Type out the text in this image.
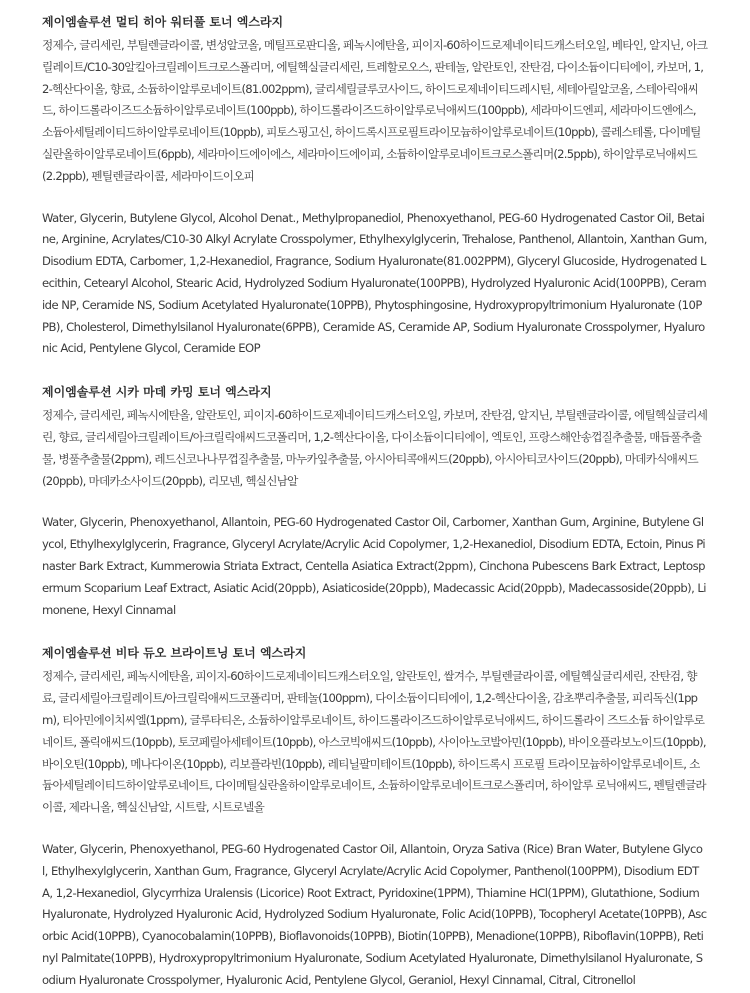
제이엠솔루션 멀티 히아 워터풀 토너 엑스라지

정제수, 글리세린, 부틸렌글라이콜, 변성알코올, 메틸프로판디올, 페녹시에탄올, 피이지-60하이드로제네이티드캐스터오일, 베타인, 알지닌, 아크릴레이트/C10-30알킬아크릴레이트크로스폴리머, 에틸헥실글리세린, 트레할로오스, 판테놀, 알란토인, 잔탄검, 다이소듐이디티에이, 카보머, 1,2-헥산다이올, 향료, 소듐하이알루로네이트(81.002ppm), 글리세릴글루코사이드, 하이드로제네이티드레시틴, 세테아릴알코올, 스테아릭애씨드, 하이드롤라이즈드소듐하이알루로네이트(100ppb), 하이드롤라이즈드하이알루로닉애씨드(100ppb), 세라마이드엔피, 세라마이드엔에스, 소듐아세틸레이티드하이알루로네이트(10ppb), 피토스핑고신, 하이드록시프로필트라이모늄하이알루로네이트(10ppb), 콜레스테롤, 다이메틸실란올하이알루로네이트(6ppb), 세라마이드에이에스, 세라마이드에이피, 소듐하이알루로네이트크로스폴리머(2.5ppb), 하이알루로닉애씨드(2.2ppb), 펜틸렌글라이콜, 세라마이드이오피

Water, Glycerin, Butylene Glycol, Alcohol Denat., Methylpropanediol, Phenoxyethanol, PEG-60 Hydrogenated Castor Oil, Betaine, Arginine, Acrylates/C10-30 Alkyl Acrylate Crosspolymer, Ethylhexylglycerin, Trehalose, Panthenol, Allantoin, Xanthan Gum, Disodium EDTA, Carbomer, 1,2-Hexanediol, Fragrance, Sodium Hyaluronate(81.002PPM), Glyceryl Glucoside, Hydrogenated Lecithin, Cetearyl Alcohol, Stearic Acid, Hydrolyzed Sodium Hyaluronate(100PPB), Hydrolyzed Hyaluronic Acid(100PPB), Ceramide NP, Ceramide NS, Sodium Acetylated Hyaluronate(10PPB), Phytosphingosine, Hydroxypropyltrimonium Hyaluronate (10PPB), Cholesterol, Dimethylsilanol Hyaluronate(6PPB), Ceramide AS, Ceramide AP, Sodium Hyaluronate Crosspolymer, Hyaluronic Acid, Pentylene Glycol, Ceramide EOP

제이엠솔루션 시카 마데 카밍 토너 엑스라지

정제수, 글리세린, 페녹시에탄올, 알란토인, 피이지-60하이드로제네이티드캐스터오일, 카보머, 잔탄검, 알지닌, 부틸렌글라이콜, 에틸헥실글리세린, 향료, 글리세릴아크릴레이트/아크릴릭애씨드코폴리머, 1,2-헥산다이올, 다이소듐이디티에이, 엑토인, 프랑스해안송껍질추출물, 매듭풀추출물, 병풀추출물(2ppm), 레드신코나나무껍질추출물, 마누카잎추출물, 아시아티콕애씨드(20ppb), 아시아티코사이드(20ppb), 마데카식애씨드(20ppb), 마데카소사이드(20ppb), 리모넨, 헥실신남알

Water, Glycerin, Phenoxyethanol, Allantoin, PEG-60 Hydrogenated Castor Oil, Carbomer, Xanthan Gum, Arginine, Butylene Glycol, Ethylhexylglycerin, Fragrance, Glyceryl Acrylate/Acrylic Acid Copolymer, 1,2-Hexanediol, Disodium EDTA, Ectoin, Pinus Pinaster Bark Extract, Kummerowia Striata Extract, Centella Asiatica Extract(2ppm), Cinchona Pubescens Bark Extract, Leptospermum Scoparium Leaf Extract, Asiatic Acid(20ppb), Asiaticoside(20ppb), Madecassic Acid(20ppb), Madecassoside(20ppb), Limonene, Hexyl Cinnamal

제이엠솔루션 비타 듀오 브라이트닝 토너 엑스라지

정제수, 글리세린, 페녹시에탄올, 피이지-60하이드로제네이티드캐스터오일, 알란토인, 쌀겨수, 부틸렌글라이콜, 에틸헥실글리세린, 잔탄검, 향료, 글리세릴아크릴레이트/아크릴릭애씨드코폴리머, 판테놀(100ppm), 다이소듐이디티에이, 1,2-헥산다이올, 감초뿌리추출물, 피리독신(1ppm), 티아민에이치씨엘(1ppm), 글루타티온, 소듐하이알루로네이트, 하이드롤라이즈드하이알루로닉애씨드, 하이드롤라이 즈드소듐 하이알루로네이트, 폴릭애씨드(10ppb), 토코페릴아세테이트(10ppb), 아스코빅애씨드(10ppb), 사이아노코발아민(10ppb), 바이오플라보노이드(10ppb), 바이오틴(10ppb), 메나다이온(10ppb), 리보플라빈(10ppb), 레티닐팔미테이트(10ppb), 하이드록시 프로필 트라이모늄하이알루로네이트, 소듐아세틸레이티드하이알루로네이트, 다이메틸실란올하이알루로네이트, 소듐하이알루로네이트크로스폴리머, 하이알루 로닉애씨드, 펜틸렌글라이콜, 제라니올, 헥실신남알, 시트랄, 시트로넬올

Water, Glycerin, Phenoxyethanol, PEG-60 Hydrogenated Castor Oil, Allantoin, Oryza Sativa (Rice) Bran Water, Butylene Glycol, Ethylhexylglycerin, Xanthan Gum, Fragrance, Glyceryl Acrylate/Acrylic Acid Copolymer, Panthenol(100PPM), Disodium EDTA, 1,2-Hexanediol, Glycyrrhiza Uralensis (Licorice) Root Extract, Pyridoxine(1PPM), Thiamine HCl(1PPM), Glutathione, Sodium Hyaluronate, Hydrolyzed Hyaluronic Acid, Hydrolyzed Sodium Hyaluronate, Folic Acid(10PPB), Tocopheryl Acetate(10PPB), Ascorbic Acid(10PPB), Cyanocobalamin(10PPB), Bioflavonoids(10PPB), Biotin(10PPB), Menadione(10PPB), Riboflavin(10PPB), Retinyl Palmitate(10PPB), Hydroxypropyltrimonium Hyaluronate, Sodium Acetylated Hyaluronate, Dimethylsilanol Hyaluronate, Sodium Hyaluronate Crosspolymer, Hyaluronic Acid, Pentylene Glycol, Geraniol, Hexyl Cinnamal, Citral, Citronellol
